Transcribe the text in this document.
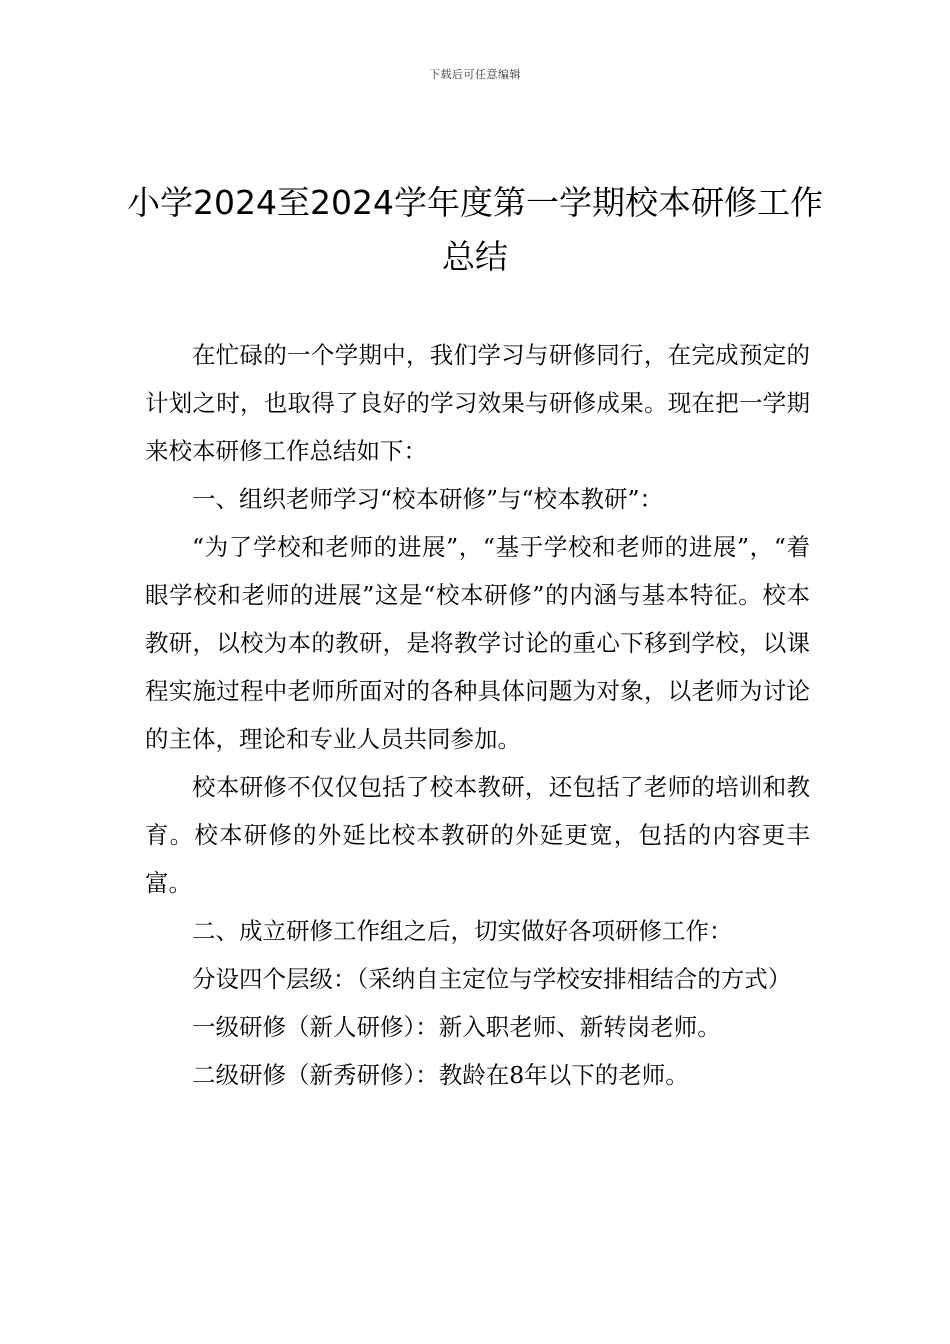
下载后可任意编辑
小学2024至2024学年度第一学期校本研修工作总结

在忙碌的一个学期中，我们学习与研修同行，在完成预定的计划之时，也取得了良好的学习效果与研修成果。现在把一学期来校本研修工作总结如下：

一、组织老师学习“校本研修”与“校本教研”：

“为了学校和老师的进展”，“基于学校和老师的进展”，“着眼学校和老师的进展”这是“校本研修”的内涵与基本特征。校本教研，以校为本的教研，是将教学讨论的重心下移到学校，以课程实施过程中老师所面对的各种具体问题为对象，以老师为讨论的主体，理论和专业人员共同参加。

校本研修不仅仅包括了校本教研，还包括了老师的培训和教育。校本研修的外延比校本教研的外延更宽，包括的内容更丰富。

二、成立研修工作组之后，切实做好各项研修工作：

分设四个层级：（采纳自主定位与学校安排相结合的方式）

一级研修（新人研修）：新入职老师、新转岗老师。

二级研修（新秀研修）：教龄在8年以下的老师。
